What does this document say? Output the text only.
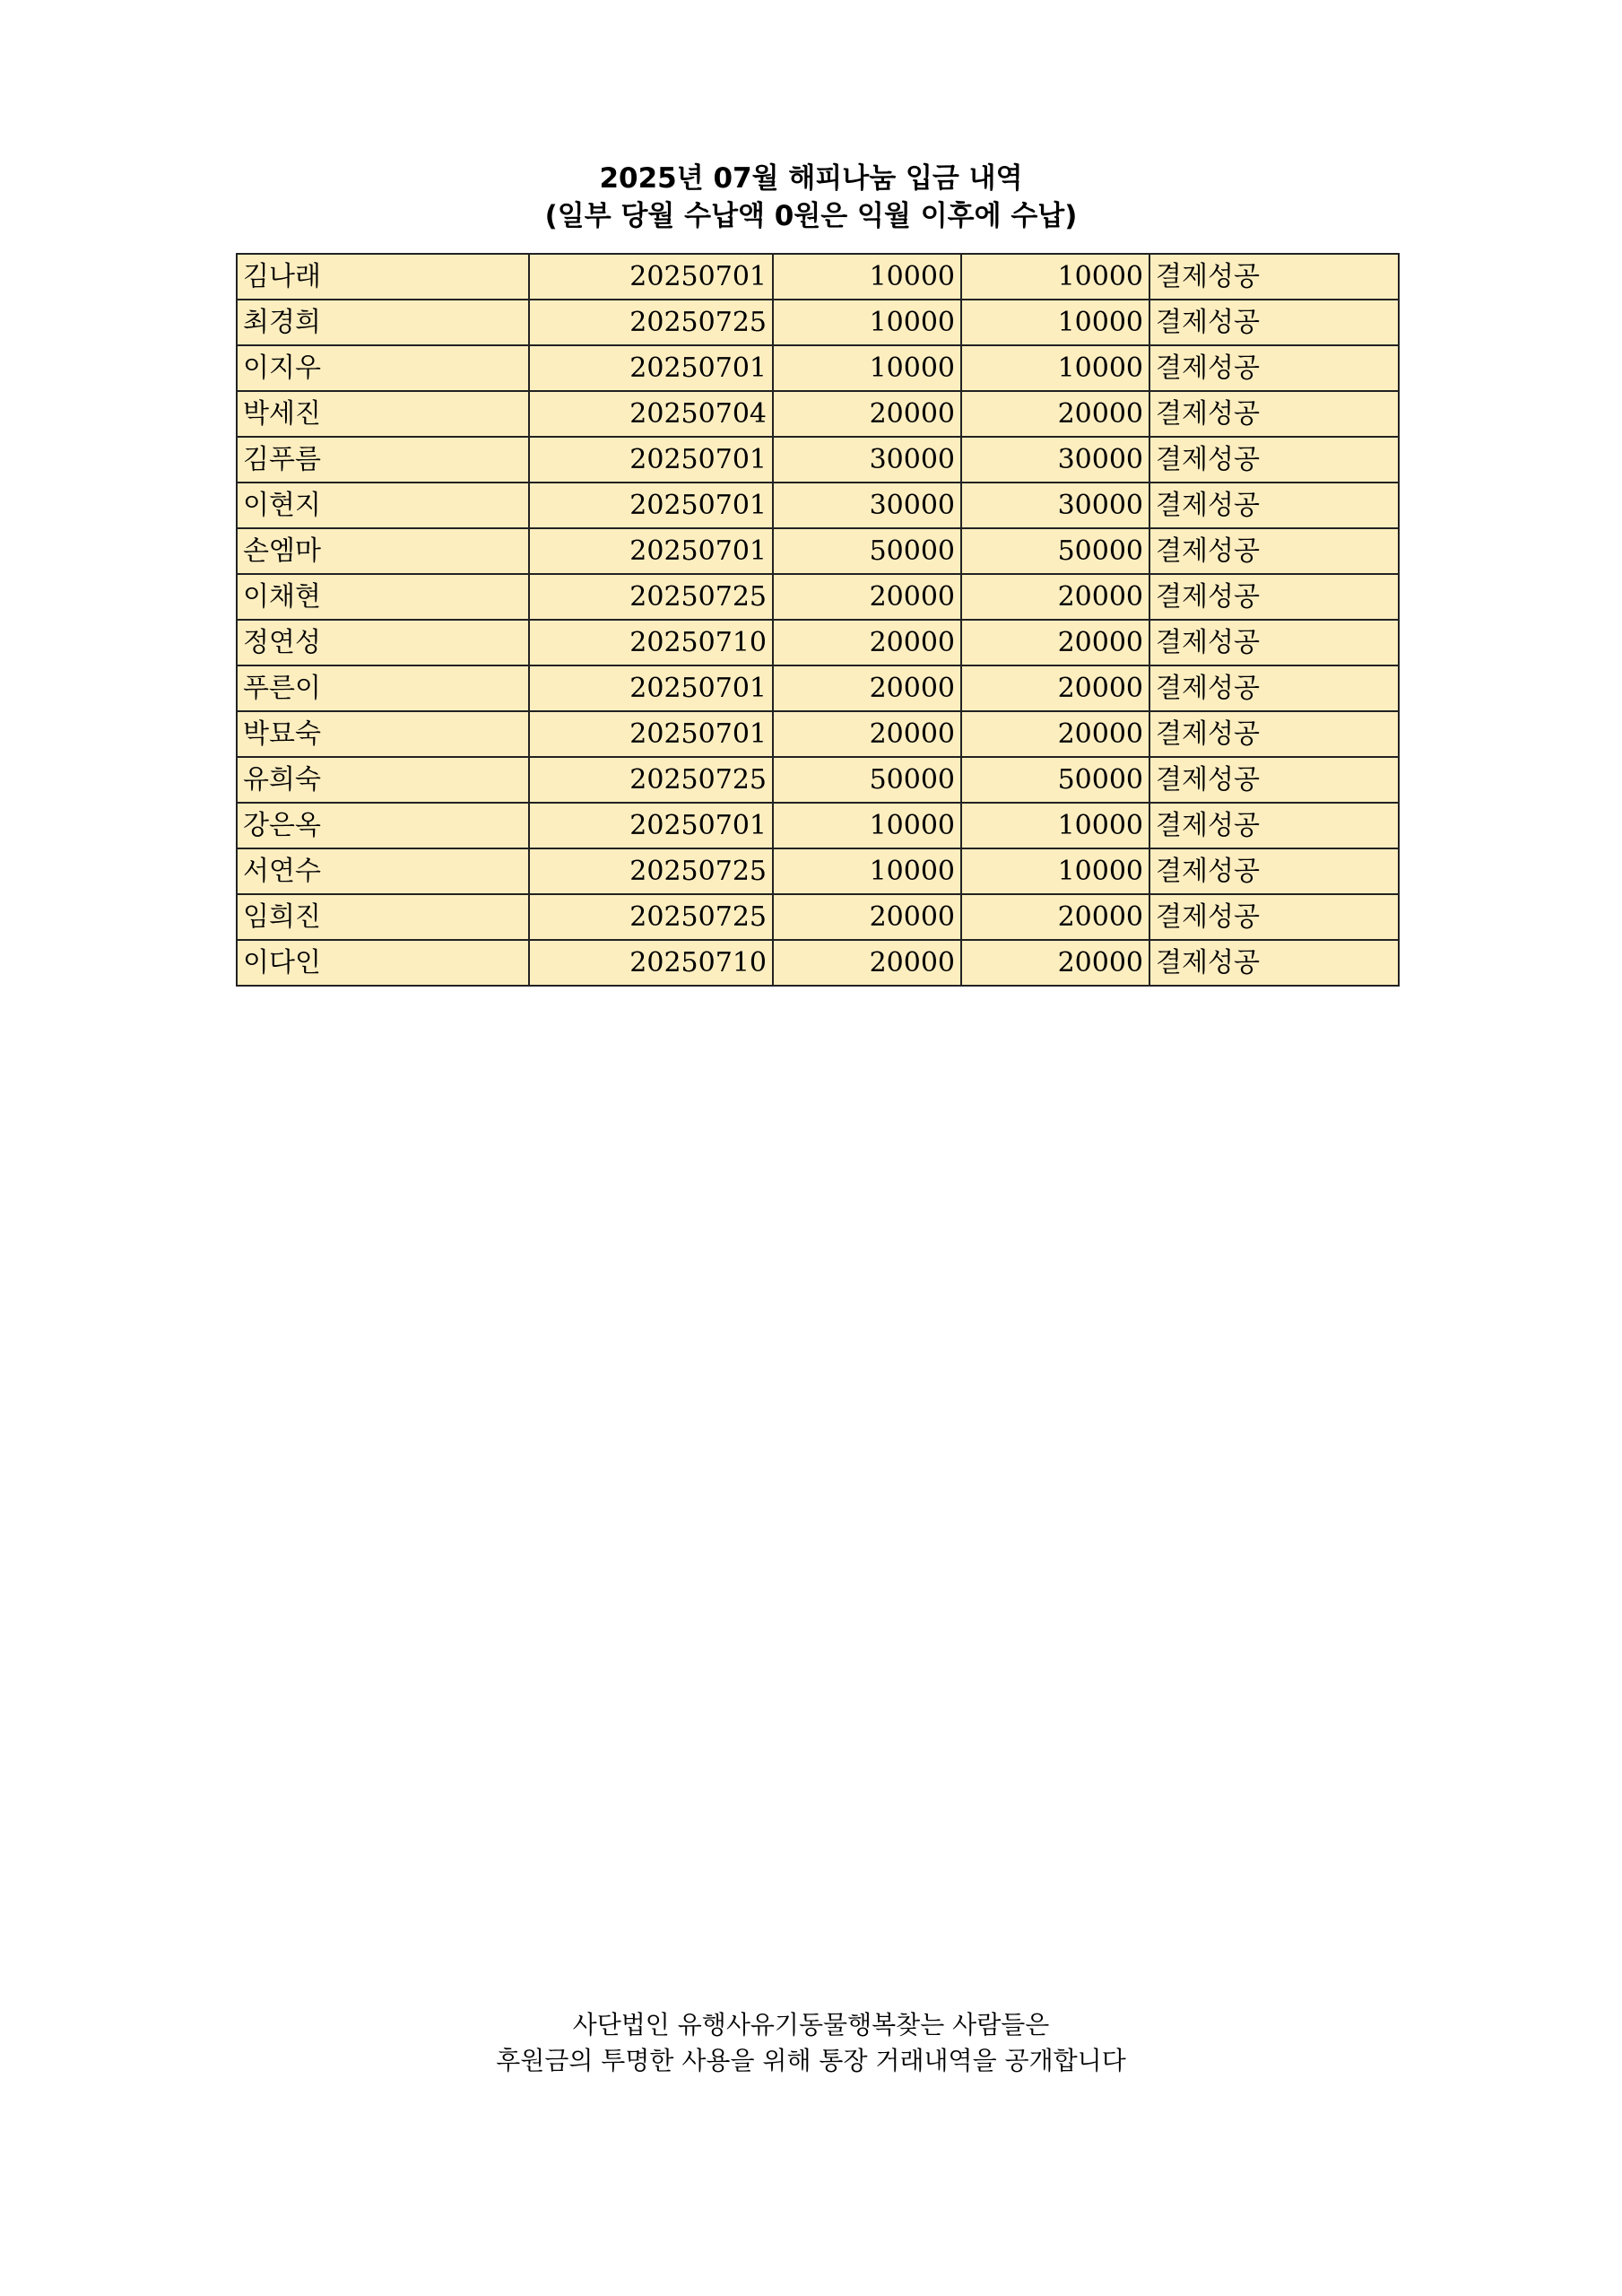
2025년 07월 해피나눔 입금 내역
(일부 당월 수납액 0원은 익월 이후에 수납)
김나래	20250701	10000	10000	결제성공
최경희	20250725	10000	10000	결제성공
이지우	20250701	10000	10000	결제성공
박세진	20250704	20000	20000	결제성공
김푸름	20250701	30000	30000	결제성공
이현지	20250701	30000	30000	결제성공
손엠마	20250701	50000	50000	결제성공
이채현	20250725	20000	20000	결제성공
정연성	20250710	20000	20000	결제성공
푸른이	20250701	20000	20000	결제성공
박묘숙	20250701	20000	20000	결제성공
유희숙	20250725	50000	50000	결제성공
강은옥	20250701	10000	10000	결제성공
서연수	20250725	10000	10000	결제성공
임희진	20250725	20000	20000	결제성공
이다인	20250710	20000	20000	결제성공
사단법인 유행사유기동물행복찾는 사람들은
후원금의 투명한 사용을 위해 통장 거래내역을 공개합니다
